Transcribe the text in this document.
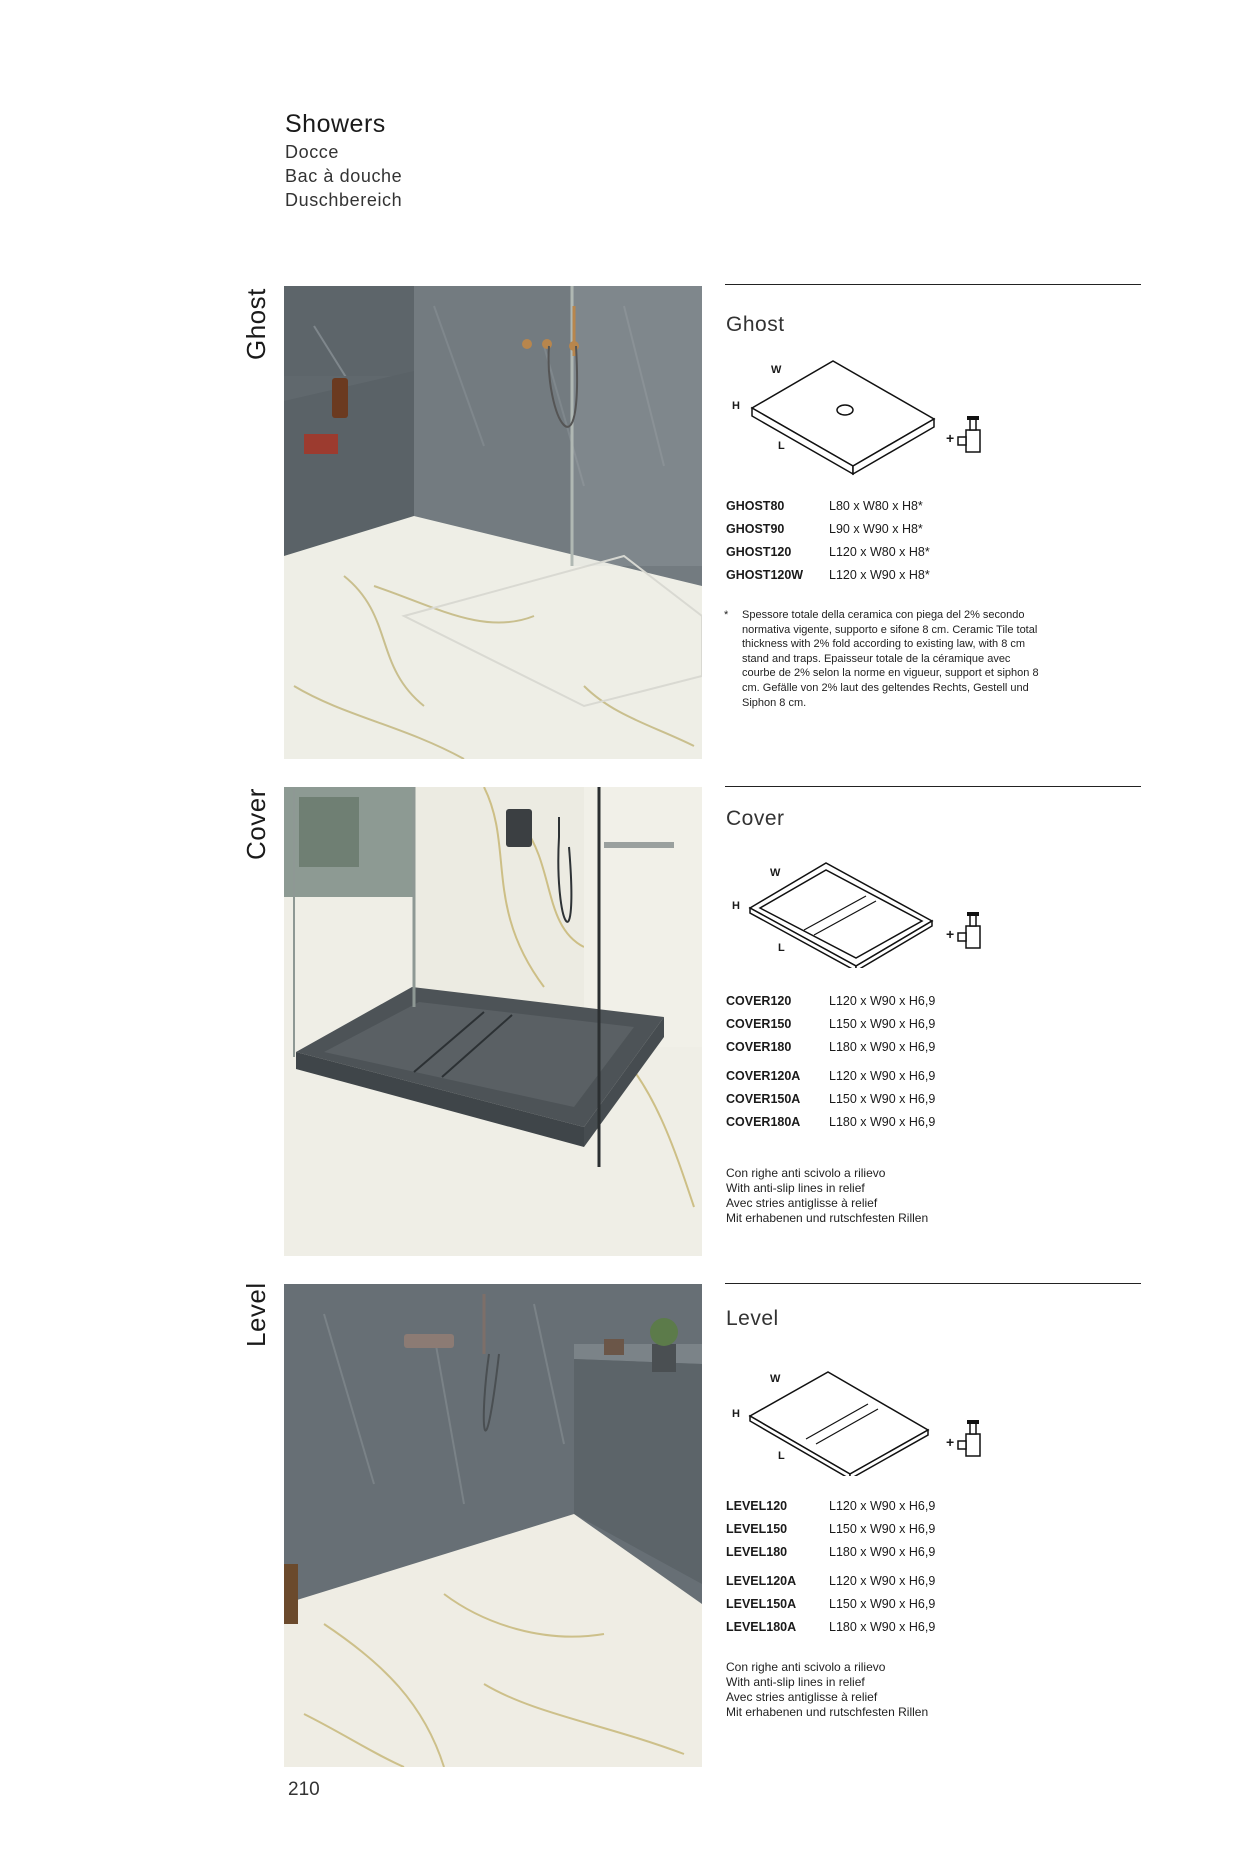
Showers
Docce
Bac à douche
Duschbereich
Ghost	Ghost
W
H
L	+
GHOST80	L80 x W80 x H8*
GHOST90	L90 x W90 x H8*
GHOST120	L120 x W80 x H8*
GHOST120W	L120 x W90 x H8*
* Spessore totale della ceramica con piega del 2% secondo normativa vigente, supporto e sifone 8 cm. Ceramic Tile total thickness with 2% fold according to existing law, with 8 cm stand and traps. Epaisseur totale de la céramique avec courbe de 2% selon la norme en vigueur, support et siphon 8 cm. Gefälle von 2% laut des geltendes Rechts, Gestell und Siphon 8 cm.
Cover	Cover
W
H
L
+
COVER120	L120 x W90 x H6,9
COVER150	L150 x W90 x H6,9
COVER180	L180 x W90 x H6,9
COVER120A	L120 x W90 x H6,9
COVER150A	L150 x W90 x H6,9
COVER180A	L180 x W90 x H6,9
Con righe anti scivolo a rilievo
With anti-slip lines in relief
Avec stries antiglisse à relief
Mit erhabenen und rutschfesten Rillen
Level	Level
W
H
L
+
LEVEL120	L120 x W90 x H6,9
LEVEL150	L150 x W90 x H6,9
LEVEL180	L180 x W90 x H6,9
LEVEL120A	L120 x W90 x H6,9
LEVEL150A	L150 x W90 x H6,9
LEVEL180A	L180 x W90 x H6,9
Con righe anti scivolo a rilievo
With anti-slip lines in relief
Avec stries antiglisse à relief
Mit erhabenen und rutschfesten Rillen
210
